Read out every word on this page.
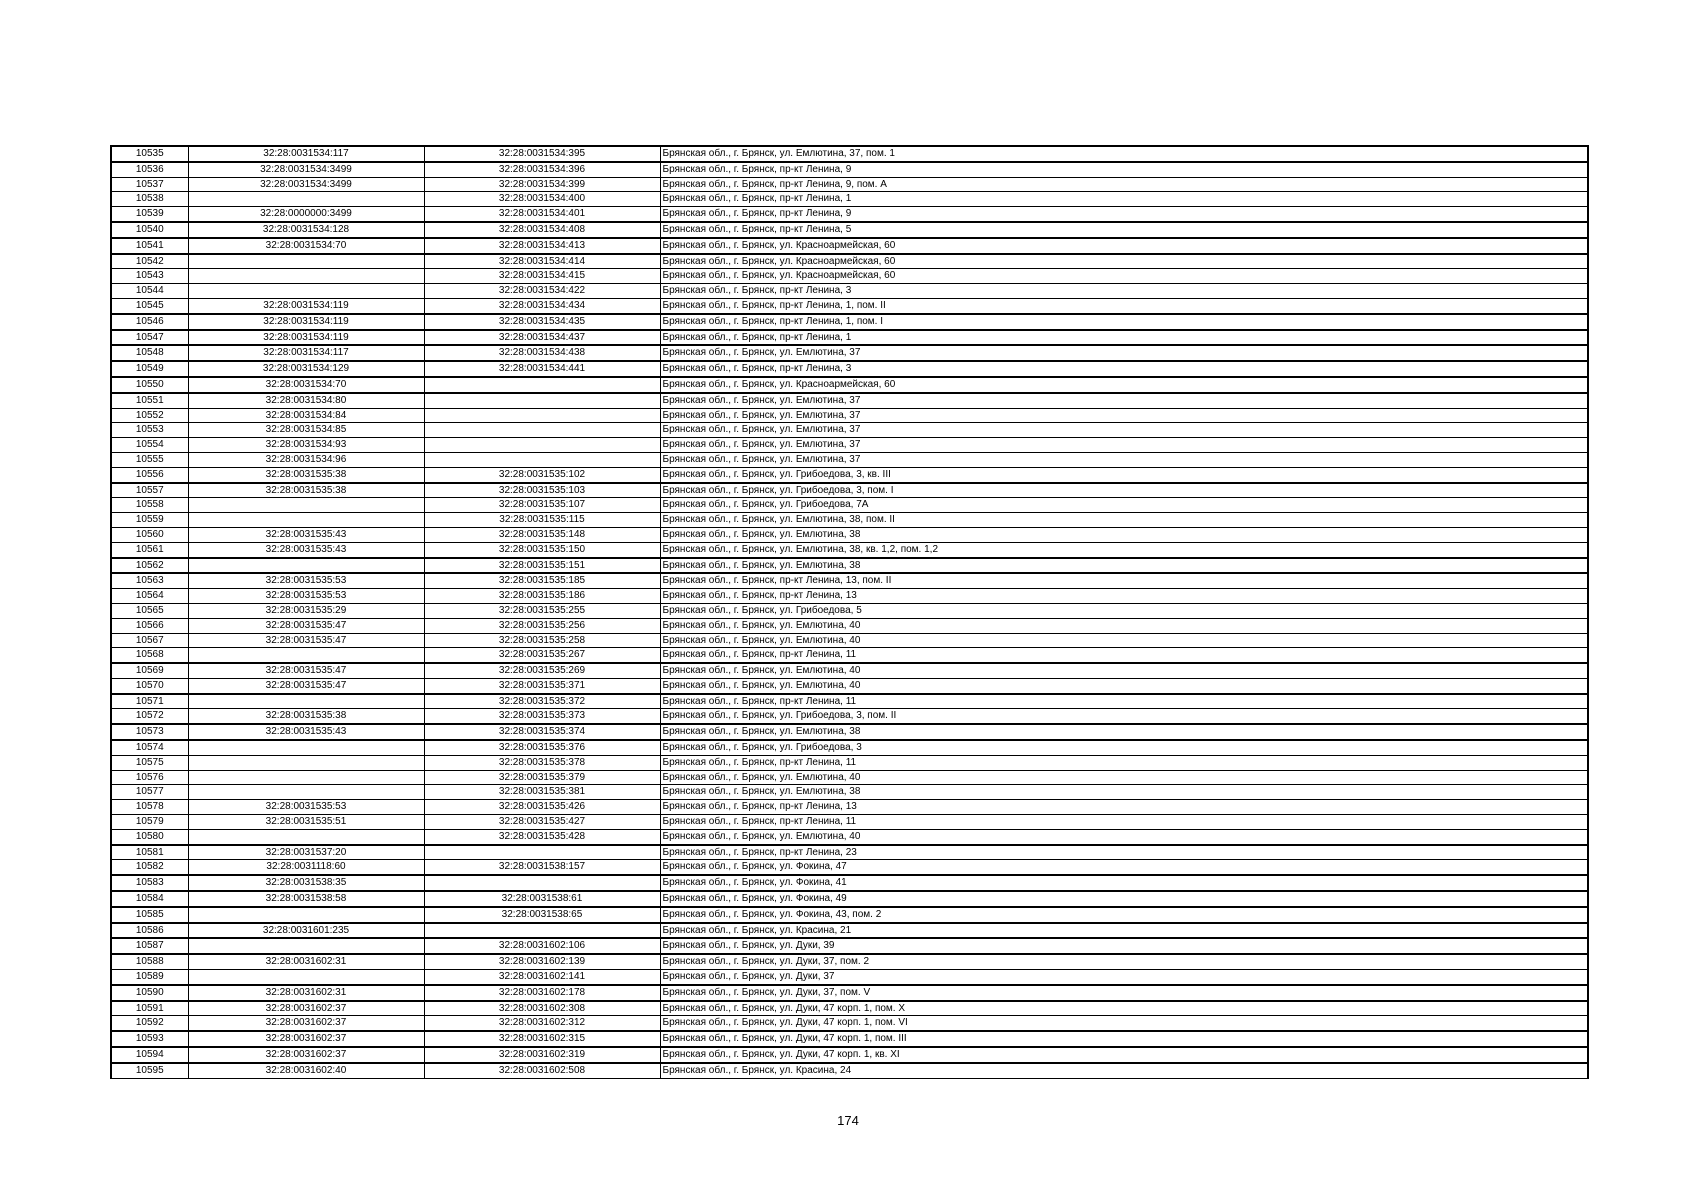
10535	32:28:0031534:117	32:28:0031534:395	Брянская обл., г. Брянск, ул. Емлютина, 37, пом. 1
10536	32:28:0031534:3499	32:28:0031534:396	Брянская обл., г. Брянск, пр-кт Ленина, 9
10537	32:28:0031534:3499	32:28:0031534:399	Брянская обл., г. Брянск, пр-кт Ленина, 9, пом. А
10538		32:28:0031534:400	Брянская обл., г. Брянск, пр-кт Ленина, 1
10539	32:28:0000000:3499	32:28:0031534:401	Брянская обл., г. Брянск, пр-кт Ленина, 9
10540	32:28:0031534:128	32:28:0031534:408	Брянская обл., г. Брянск, пр-кт Ленина, 5
10541	32:28:0031534:70	32:28:0031534:413	Брянская обл., г. Брянск, ул. Красноармейская, 60
10542		32:28:0031534:414	Брянская обл., г. Брянск, ул. Красноармейская, 60
10543		32:28:0031534:415	Брянская обл., г. Брянск, ул. Красноармейская, 60
10544		32:28:0031534:422	Брянская обл., г. Брянск, пр-кт Ленина, 3
10545	32:28:0031534:119	32:28:0031534:434	Брянская обл., г. Брянск, пр-кт Ленина, 1, пом. II
10546	32:28:0031534:119	32:28:0031534:435	Брянская обл., г. Брянск, пр-кт Ленина, 1, пом. I
10547	32:28:0031534:119	32:28:0031534:437	Брянская обл., г. Брянск, пр-кт Ленина, 1
10548	32:28:0031534:117	32:28:0031534:438	Брянская обл., г. Брянск, ул. Емлютина, 37
10549	32:28:0031534:129	32:28:0031534:441	Брянская обл., г. Брянск, пр-кт Ленина, 3
10550	32:28:0031534:70		Брянская обл., г. Брянск, ул. Красноармейская, 60
10551	32:28:0031534:80		Брянская обл., г. Брянск, ул. Емлютина, 37
10552	32:28:0031534:84		Брянская обл., г. Брянск, ул. Емлютина, 37
10553	32:28:0031534:85		Брянская обл., г. Брянск, ул. Емлютина, 37
10554	32:28:0031534:93		Брянская обл., г. Брянск, ул. Емлютина, 37
10555	32:28:0031534:96		Брянская обл., г. Брянск, ул. Емлютина, 37
10556	32:28:0031535:38	32:28:0031535:102	Брянская обл., г. Брянск, ул. Грибоедова, 3, кв. III
10557	32:28:0031535:38	32:28:0031535:103	Брянская обл., г. Брянск, ул. Грибоедова, 3, пом. I
10558		32:28:0031535:107	Брянская обл., г. Брянск, ул. Грибоедова, 7А
10559		32:28:0031535:115	Брянская обл., г. Брянск, ул. Емлютина, 38, пом. II
10560	32:28:0031535:43	32:28:0031535:148	Брянская обл., г. Брянск, ул. Емлютина, 38
10561	32:28:0031535:43	32:28:0031535:150	Брянская обл., г. Брянск, ул. Емлютина, 38, кв. 1,2, пом. 1,2
10562		32:28:0031535:151	Брянская обл., г. Брянск, ул. Емлютина, 38
10563	32:28:0031535:53	32:28:0031535:185	Брянская обл., г. Брянск, пр-кт Ленина, 13, пом. II
10564	32:28:0031535:53	32:28:0031535:186	Брянская обл., г. Брянск, пр-кт Ленина, 13
10565	32:28:0031535:29	32:28:0031535:255	Брянская обл., г. Брянск, ул. Грибоедова, 5
10566	32:28:0031535:47	32:28:0031535:256	Брянская обл., г. Брянск, ул. Емлютина, 40
10567	32:28:0031535:47	32:28:0031535:258	Брянская обл., г. Брянск, ул. Емлютина, 40
10568		32:28:0031535:267	Брянская обл., г. Брянск, пр-кт Ленина, 11
10569	32:28:0031535:47	32:28:0031535:269	Брянская обл., г. Брянск, ул. Емлютина, 40
10570	32:28:0031535:47	32:28:0031535:371	Брянская обл., г. Брянск, ул. Емлютина, 40
10571		32:28:0031535:372	Брянская обл., г. Брянск, пр-кт Ленина, 11
10572	32:28:0031535:38	32:28:0031535:373	Брянская обл., г. Брянск, ул. Грибоедова, 3, пом. II
10573	32:28:0031535:43	32:28:0031535:374	Брянская обл., г. Брянск, ул. Емлютина, 38
10574		32:28:0031535:376	Брянская обл., г. Брянск, ул. Грибоедова, 3
10575		32:28:0031535:378	Брянская обл., г. Брянск, пр-кт Ленина, 11
10576		32:28:0031535:379	Брянская обл., г. Брянск, ул. Емлютина, 40
10577		32:28:0031535:381	Брянская обл., г. Брянск, ул. Емлютина, 38
10578	32:28:0031535:53	32:28:0031535:426	Брянская обл., г. Брянск, пр-кт Ленина, 13
10579	32:28:0031535:51	32:28:0031535:427	Брянская обл., г. Брянск, пр-кт Ленина, 11
10580		32:28:0031535:428	Брянская обл., г. Брянск, ул. Емлютина, 40
10581	32:28:0031537:20		Брянская обл., г. Брянск, пр-кт Ленина, 23
10582	32:28:0031118:60	32:28:0031538:157	Брянская обл., г. Брянск, ул. Фокина, 47
10583	32:28:0031538:35		Брянская обл., г. Брянск, ул. Фокина, 41
10584	32:28:0031538:58	32:28:0031538:61	Брянская обл., г. Брянск, ул. Фокина, 49
10585		32:28:0031538:65	Брянская обл., г. Брянск, ул. Фокина, 43, пом. 2
10586	32:28:0031601:235		Брянская обл., г. Брянск, ул. Красина, 21
10587		32:28:0031602:106	Брянская обл., г. Брянск, ул. Дуки, 39
10588	32:28:0031602:31	32:28:0031602:139	Брянская обл., г. Брянск, ул. Дуки, 37, пом. 2
10589		32:28:0031602:141	Брянская обл., г. Брянск, ул. Дуки, 37
10590	32:28:0031602:31	32:28:0031602:178	Брянская обл., г. Брянск, ул. Дуки, 37, пом. V
10591	32:28:0031602:37	32:28:0031602:308	Брянская обл., г. Брянск, ул. Дуки, 47 корп. 1, пом. X
10592	32:28:0031602:37	32:28:0031602:312	Брянская обл., г. Брянск, ул. Дуки, 47 корп. 1, пом. VI
10593	32:28:0031602:37	32:28:0031602:315	Брянская обл., г. Брянск, ул. Дуки, 47 корп. 1, пом. III
10594	32:28:0031602:37	32:28:0031602:319	Брянская обл., г. Брянск, ул. Дуки, 47 корп. 1, кв. XI
10595	32:28:0031602:40	32:28:0031602:508	Брянская обл., г. Брянск, ул. Красина, 24
174
